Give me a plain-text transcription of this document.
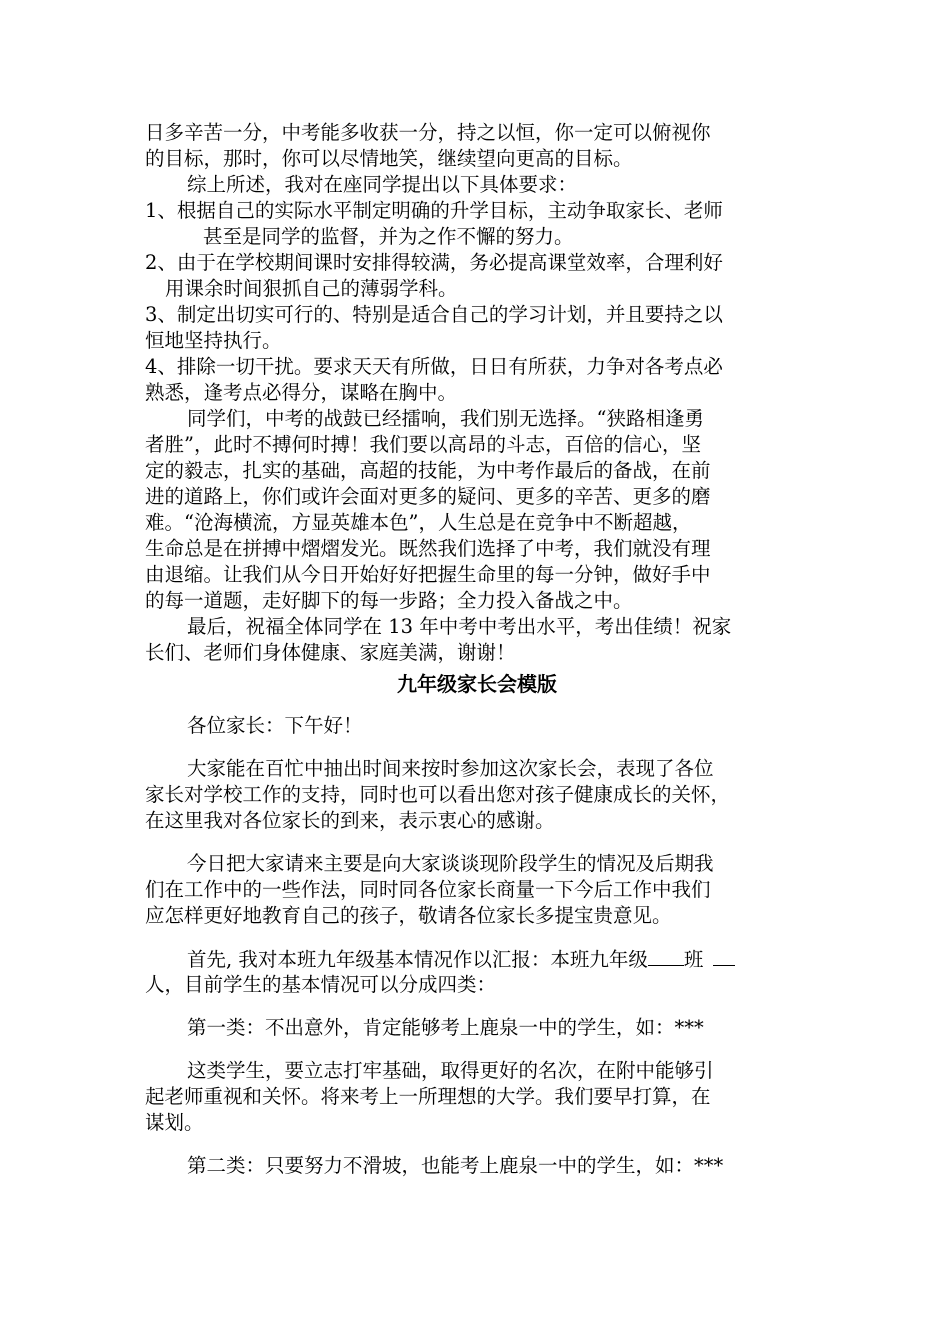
日多辛苦一分，中考能多收获一分，持之以恒，你一定可以俯视你
的目标，那时，你可以尽情地笑，继续望向更高的目标。
综上所述，我对在座同学提出以下具体要求：
1、根据自己的实际水平制定明确的升学目标，主动争取家长、老师
甚至是同学的监督，并为之作不懈的努力。
2、由于在学校期间课时安排得较满，务必提高课堂效率，合理利好
用课余时间狠抓自己的薄弱学科。
3、制定出切实可行的、特别是适合自己的学习计划，并且要持之以
恒地坚持执行。
4、排除一切干扰。要求天天有所做，日日有所获，力争对各考点必
熟悉，逢考点必得分，谋略在胸中。
同学们，中考的战鼓已经擂响，我们别无选择。“狭路相逢勇
者胜”，此时不搏何时搏！我们要以高昂的斗志，百倍的信心，坚
定的毅志，扎实的基础，高超的技能，为中考作最后的备战，在前
进的道路上，你们或许会面对更多的疑问、更多的辛苦、更多的磨
难。“沧海横流，方显英雄本色”，人生总是在竞争中不断超越，
生命总是在拼搏中熠熠发光。既然我们选择了中考，我们就没有理
由退缩。让我们从今日开始好好把握生命里的每一分钟，做好手中
的每一道题，走好脚下的每一步路；全力投入备战之中。
最后，祝福全体同学在 13 年中考中考出水平，考出佳绩！祝家
长们、老师们身体健康、家庭美满，谢谢！
九年级家长会模版
各位家长：下午好！
大家能在百忙中抽出时间来按时参加这次家长会，表现了各位
家长对学校工作的支持，同时也可以看出您对孩子健康成长的关怀，
在这里我对各位家长的到来，表示衷心的感谢。
今日把大家请来主要是向大家谈谈现阶段学生的情况及后期我
们在工作中的一些作法，同时同各位家长商量一下今后工作中我们
应怎样更好地教育自己的孩子，敬请各位家长多提宝贵意见。
首先, 我对本班九年级基本情况作以汇报：本班九年级 班
人，目前学生的基本情况可以分成四类：
第一类：不出意外，肯定能够考上鹿泉一中的学生，如：***
这类学生，要立志打牢基础，取得更好的名次，在附中能够引
起老师重视和关怀。将来考上一所理想的大学。我们要早打算，在
谋划。
第二类：只要努力不滑坡，也能考上鹿泉一中的学生，如：***
